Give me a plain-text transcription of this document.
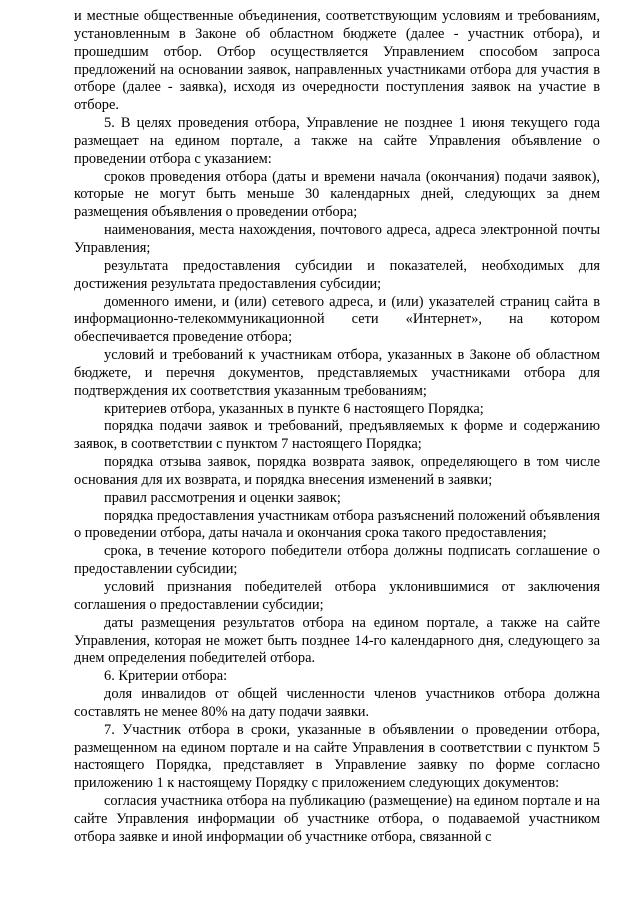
и местные общественные объединения, соответствующим условиям и требованиям, установленным в Законе об областном бюджете (далее - участник отбора), и прошедшим отбор. Отбор осуществляется Управлением способом запроса предложений на основании заявок, направленных участниками отбора для участия в отборе (далее - заявка), исходя из очередности поступления заявок на участие в отборе.

5. В целях проведения отбора, Управление не позднее 1 июня текущего года размещает на едином портале, а также на сайте Управления объявление о проведении отбора с указанием:

сроков проведения отбора (даты и времени начала (окончания) подачи заявок), которые не могут быть меньше 30 календарных дней, следующих за днем размещения объявления о проведении отбора;

наименования, места нахождения, почтового адреса, адреса электронной почты Управления;

результата предоставления субсидии и показателей, необходимых для достижения результата предоставления субсидии;

доменного имени, и (или) сетевого адреса, и (или) указателей страниц сайта в информационно-телекоммуникационной сети «Интернет», на котором обеспечивается проведение отбора;

условий и требований к участникам отбора, указанных в Законе об областном бюджете, и перечня документов, представляемых участниками отбора для подтверждения их соответствия указанным требованиям;

критериев отбора, указанных в пункте 6 настоящего Порядка;

порядка подачи заявок и требований, предъявляемых к форме и содержанию заявок, в соответствии с пунктом 7 настоящего Порядка;

порядка отзыва заявок, порядка возврата заявок, определяющего в том числе основания для их возврата, и порядка внесения изменений в заявки;

правил рассмотрения и оценки заявок;

порядка предоставления участникам отбора разъяснений положений объявления о проведении отбора, даты начала и окончания срока такого предоставления;

срока, в течение которого победители отбора должны подписать соглашение о предоставлении субсидии;

условий признания победителей отбора уклонившимися от заключения соглашения о предоставлении субсидии;

даты размещения результатов отбора на едином портале, а также на сайте Управления, которая не может быть позднее 14-го календарного дня, следующего за днем определения победителей отбора.

6. Критерии отбора:

доля инвалидов от общей численности членов участников отбора должна составлять не менее 80% на дату подачи заявки.

7. Участник отбора в сроки, указанные в объявлении о проведении отбора, размещенном на едином портале и на сайте Управления в соответствии с пунктом 5 настоящего Порядка, представляет в Управление заявку по форме согласно приложению 1 к настоящему Порядку с приложением следующих документов:

согласия участника отбора на публикацию (размещение) на едином портале и на сайте Управления информации об участнике отбора, о подаваемой участником отбора заявке и иной информации об участнике отбора, связанной с
